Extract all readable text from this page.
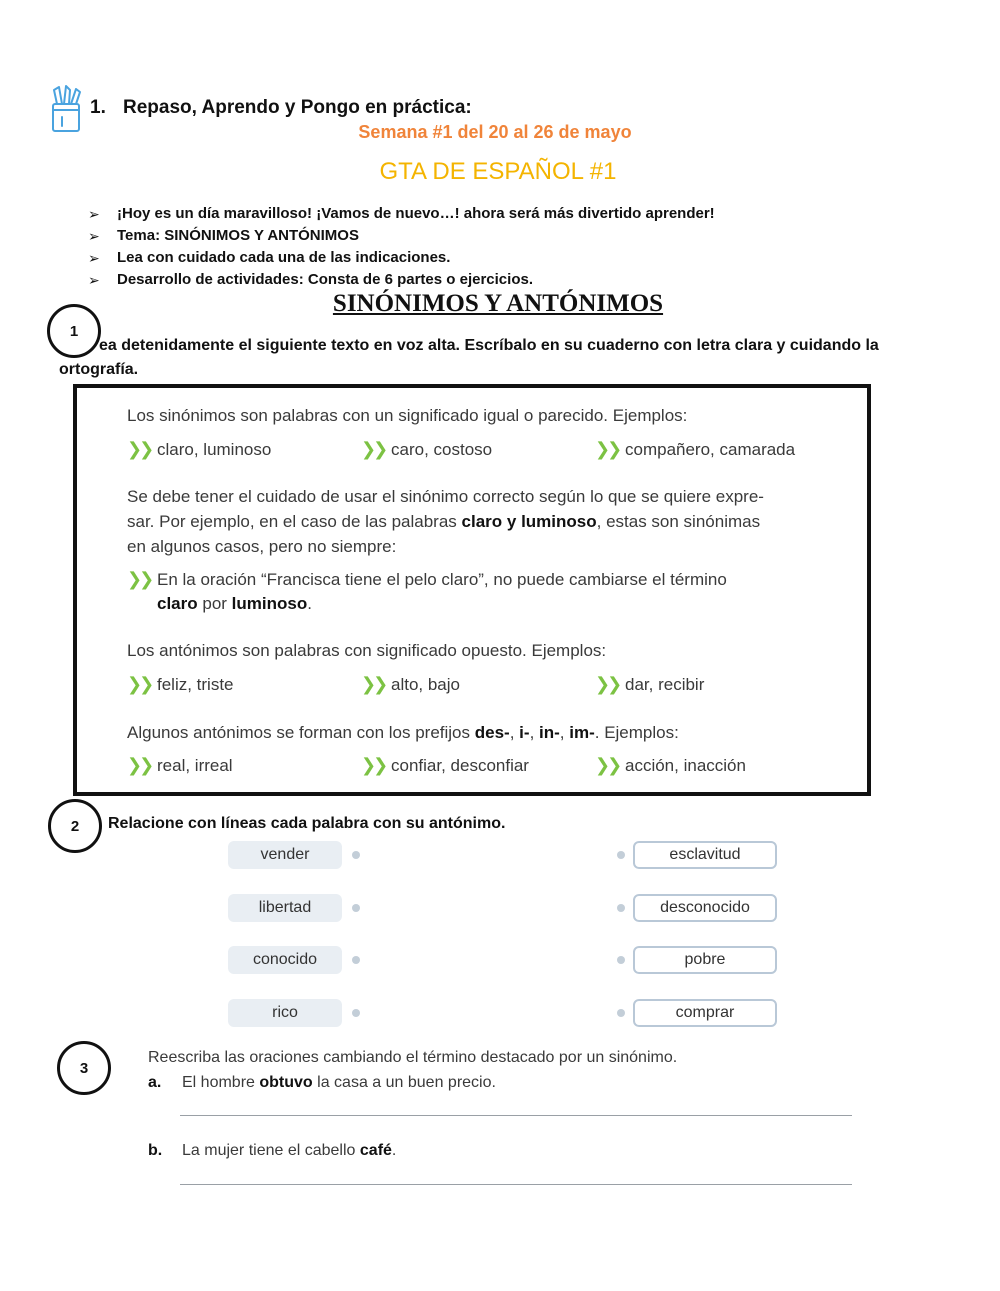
1. Repaso, Aprendo y Pongo en práctica:
Semana #1 del 20 al 26 de mayo
GTA DE ESPAÑOL #1
➢	¡Hoy es un día maravilloso! ¡Vamos de nuevo…! ahora será más divertido aprender!
➢	Tema: SINÓNIMOS Y ANTÓNIMOS
➢	Lea con cuidado cada una de las indicaciones.
➢	Desarrollo de actividades: Consta de 6 partes o ejercicios.
SINÓNIMOS Y ANTÓNIMOS
ea detenidamente el siguiente texto en voz alta. Escríbalo en su cuaderno con letra clara y cuidando la
ortografía.
1
Los sinónimos son palabras con un significado igual o parecido. Ejemplos:
❯❯ claro, luminoso	❯❯ caro, costoso	❯❯ compañero, camarada
Se debe tener el cuidado de usar el sinónimo correcto según lo que se quiere expre-
sar. Por ejemplo, en el caso de las palabras claro y luminoso, estas son sinónimas
en algunos casos, pero no siempre:
❯❯ En la oración “Francisca tiene el pelo claro”, no puede cambiarse el término
claro por luminoso.
Los antónimos son palabras con significado opuesto. Ejemplos:
❯❯ feliz, triste	❯❯ alto, bajo	❯❯ dar, recibir
Algunos antónimos se forman con los prefijos des-, i-, in-, im-. Ejemplos:
❯❯ real, irreal	❯❯ confiar, desconfiar	❯❯ acción, inacción
2	Relacione con líneas cada palabra con su antónimo.
vender	esclavitud
libertad	desconocido
conocido	pobre
rico	comprar
3
Reescriba las oraciones cambiando el término destacado por un sinónimo.
a. El hombre obtuvo la casa a un buen precio.
b. La mujer tiene el cabello café.
